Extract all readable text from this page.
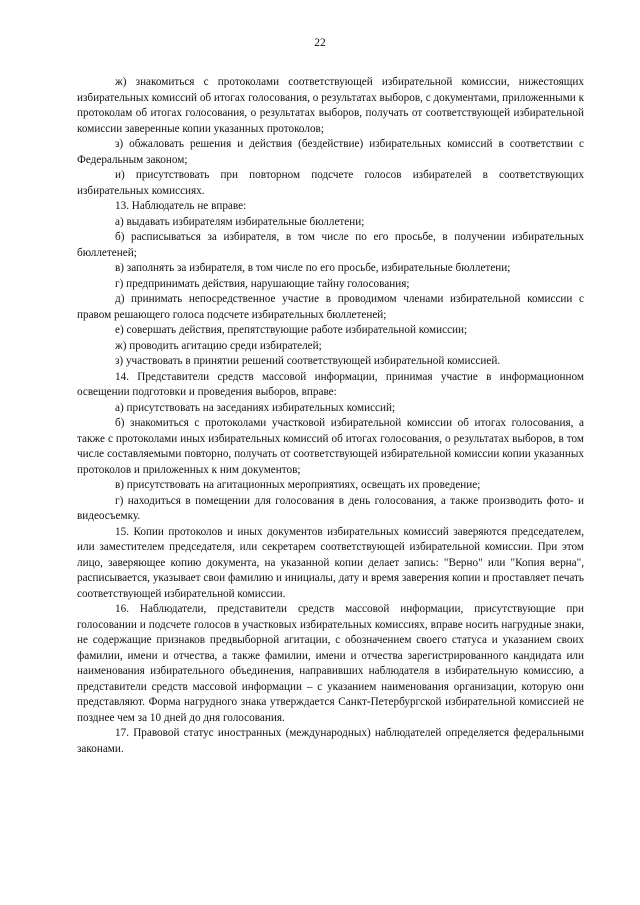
22

ж) знакомиться с протоколами соответствующей избирательной комиссии, нижестоящих избирательных комиссий об итогах голосования, о результатах выборов, с документами, приложенными к протоколам об итогах голосования, о результатах выборов, получать от соответствующей избирательной комиссии заверенные копии указанных протоколов;

з) обжаловать решения и действия (бездействие) избирательных комиссий в соответствии с Федеральным законом;

и) присутствовать при повторном подсчете голосов избирателей в соответствующих избирательных комиссиях.

13. Наблюдатель не вправе:

а) выдавать избирателям избирательные бюллетени;

б) расписываться за избирателя, в том числе по его просьбе, в получении избирательных бюллетеней;

в) заполнять за избирателя, в том числе по его просьбе, избирательные бюллетени;

г) предпринимать действия, нарушающие тайну голосования;

д) принимать непосредственное участие в проводимом членами избирательной комиссии с правом решающего голоса подсчете избирательных бюллетеней;

е) совершать действия, препятствующие работе избирательной комиссии;

ж) проводить агитацию среди избирателей;

з) участвовать в принятии решений соответствующей избирательной комиссией.

14. Представители средств массовой информации, принимая участие в информационном освещении подготовки и проведения выборов, вправе:

а) присутствовать на заседаниях избирательных комиссий;

б) знакомиться с протоколами участковой избирательной комиссии об итогах голосования, а также с протоколами иных избирательных комиссий об итогах голосования, о результатах выборов, в том числе составляемыми повторно, получать от соответствующей избирательной комиссии копии указанных протоколов и приложенных к ним документов;

в) присутствовать на агитационных мероприятиях, освещать их проведение;

г) находиться в помещении для голосования в день голосования, а также производить фото- и видеосъемку.

15. Копии протоколов и иных документов избирательных комиссий заверяются председателем, или заместителем председателя, или секретарем соответствующей избирательной комиссии. При этом лицо, заверяющее копию документа, на указанной копии делает запись: "Верно" или "Копия верна", расписывается, указывает свои фамилию и инициалы, дату и время заверения копии и проставляет печать соответствующей избирательной комиссии.

16. Наблюдатели, представители средств массовой информации, присутствующие при голосовании и подсчете голосов в участковых избирательных комиссиях, вправе носить нагрудные знаки, не содержащие признаков предвыборной агитации, с обозначением своего статуса и указанием своих фамилии, имени и отчества, а также фамилии, имени и отчества зарегистрированного кандидата или наименования избирательного объединения, направивших наблюдателя в избирательную комиссию, а представители средств массовой информации – с указанием наименования организации, которую они представляют. Форма нагрудного знака утверждается Санкт-Петербургской избирательной комиссией не позднее чем за 10 дней до дня голосования.

17. Правовой статус иностранных (международных) наблюдателей определяется федеральными законами.
